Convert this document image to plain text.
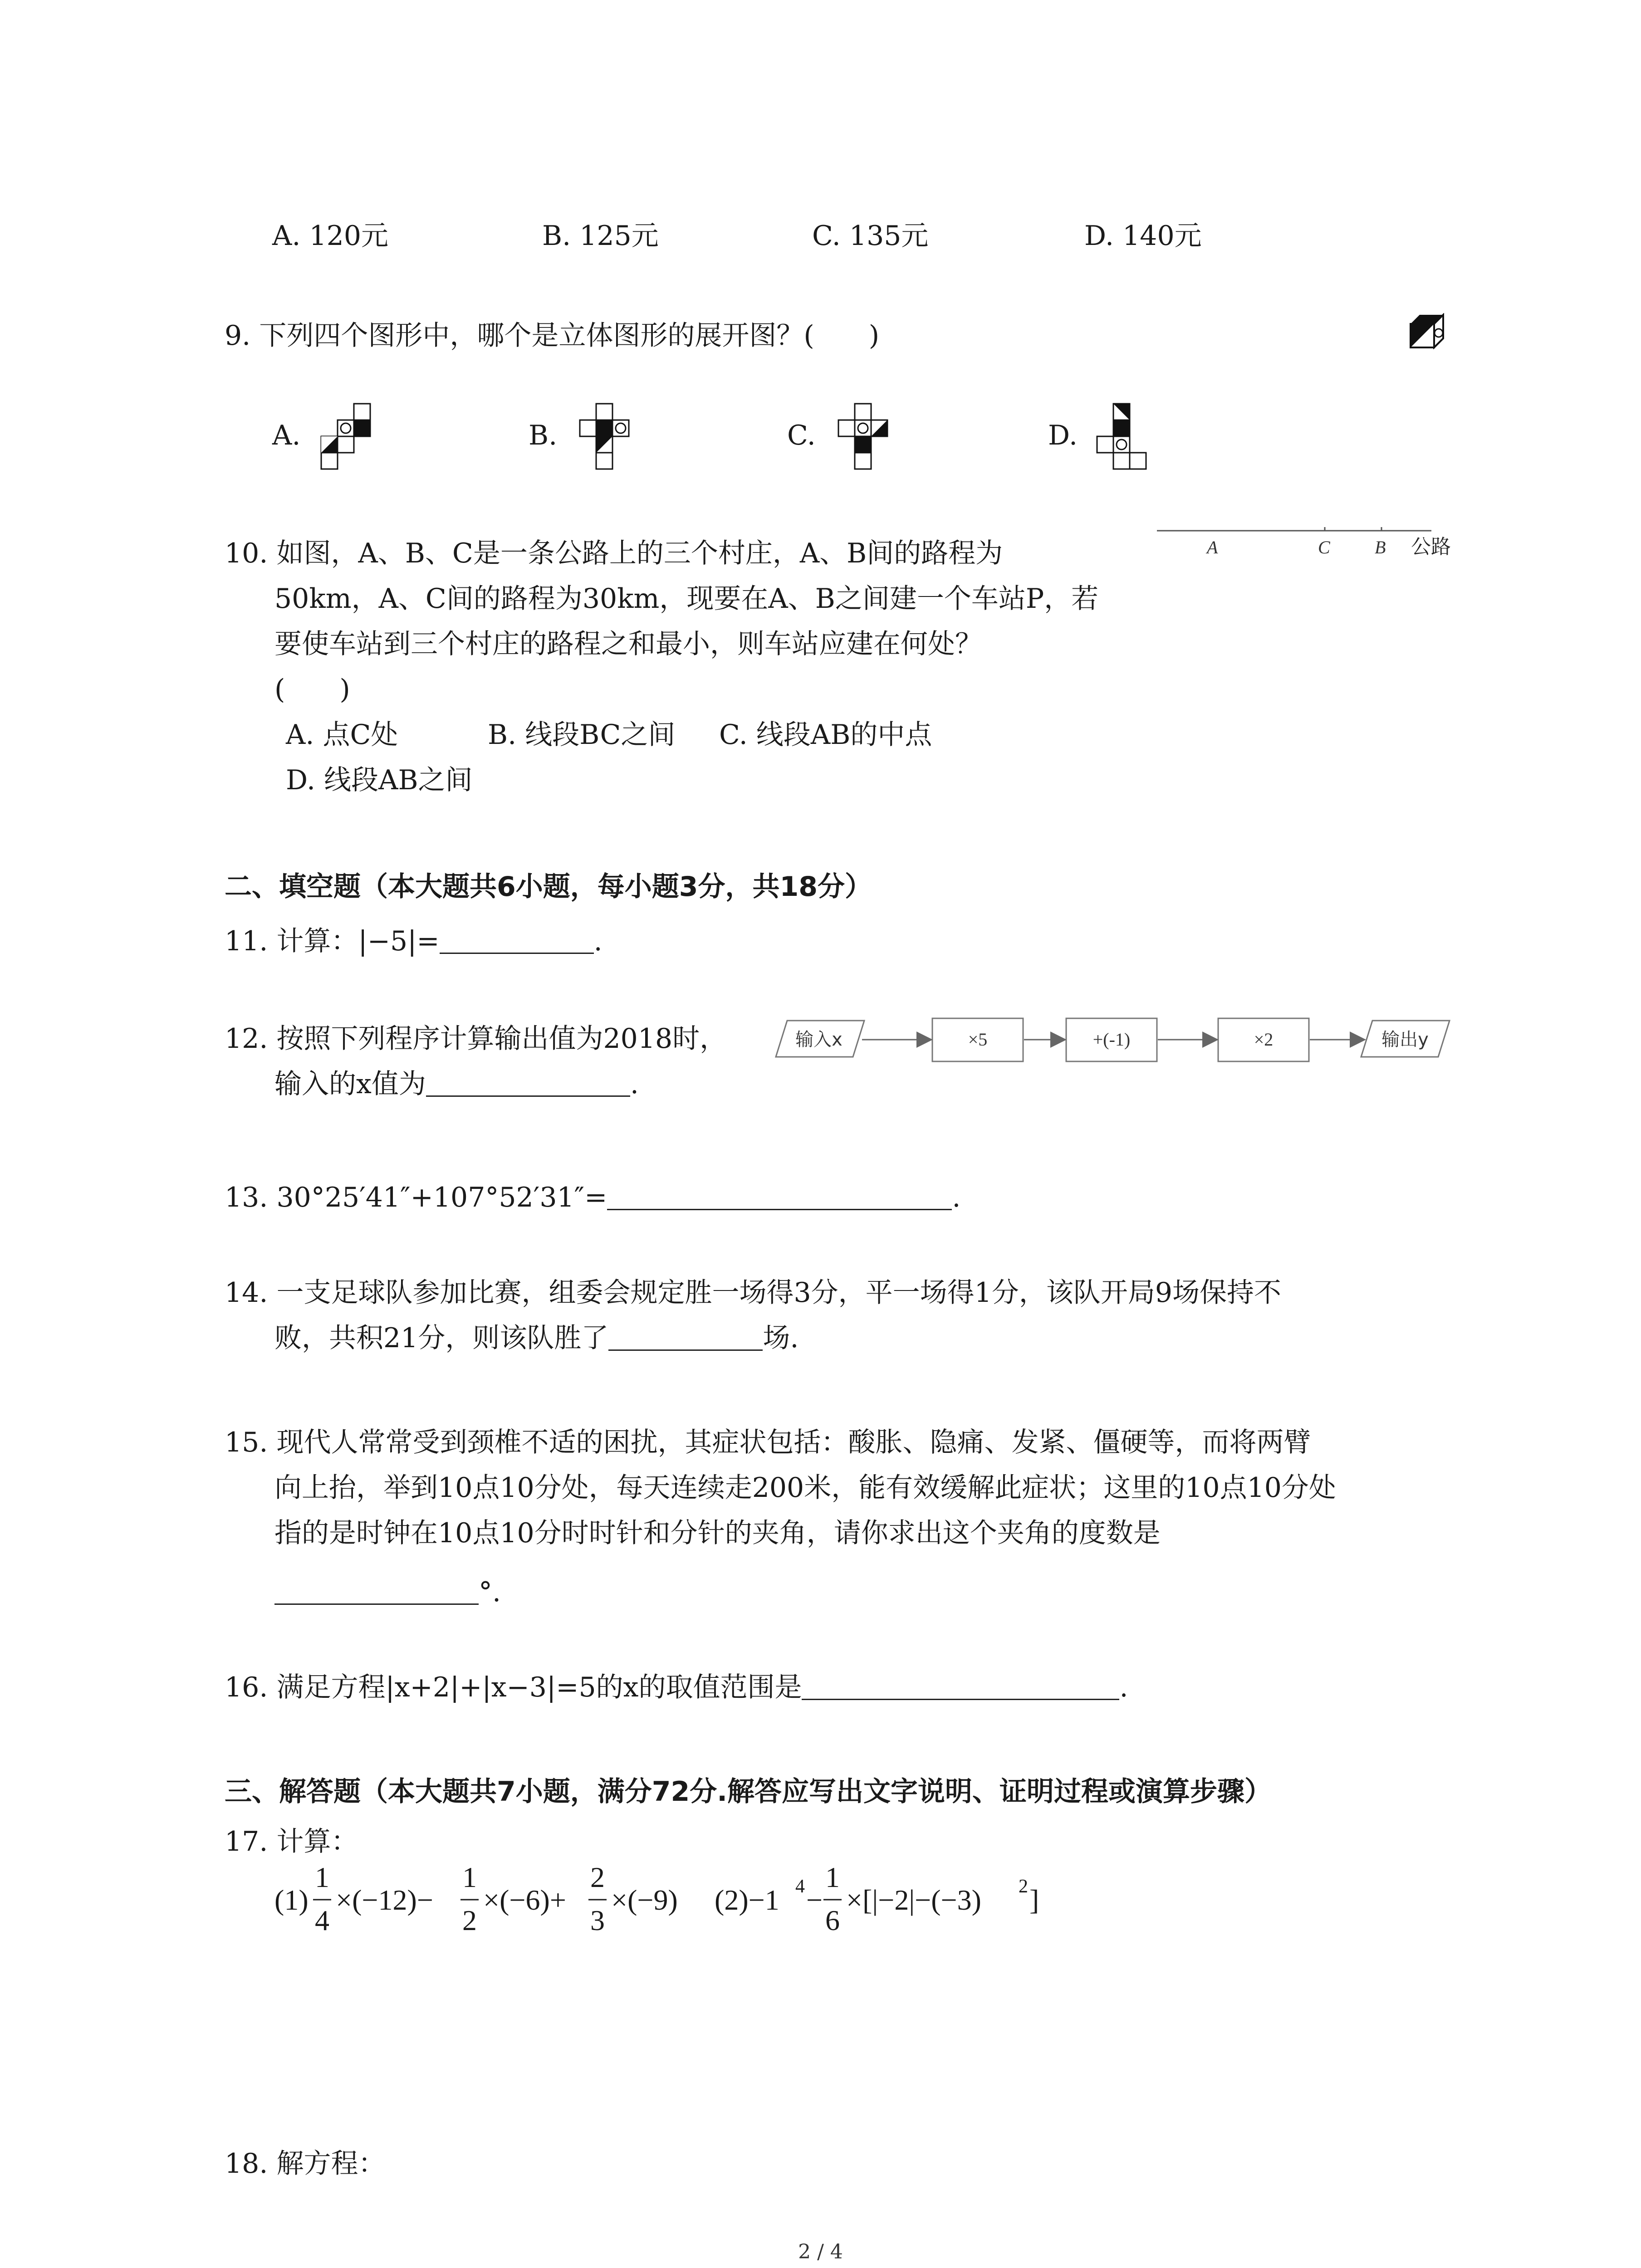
A. 120元	B. 125元	C. 135元	D. 140元
9. 下列四个图形中，哪个是立体图形的展开图？(　　)
A.	B.	C.	D.
10. 如图，A、B、C是一条公路上的三个村庄，A、B间的路程为
50km，A、C间的路程为30km，现要在A、B之间建一个车站P，若
要使车站到三个村庄的路程之和最小，则车站应建在何处？
(　　)
A. 点C处	B. 线段BC之间 C. 线段AB的中点
D. 线段AB之间
A	C B 公路
二、填空题（本大题共6小题，每小题3分，共18分）
11. 计算：|−5|=	.
12. 按照下列程序计算输出值为2018时，
输入的x值为	.
输入x	×5	+(-1)	×2	输出y
13. 30°25′41″+107°52′31″=	.
14. 一支足球队参加比赛，组委会规定胜一场得3分，平一场得1分，该队开局9场保持不
败，共积21分，则该队胜了	场.
15. 现代人常常受到颈椎不适的困扰，其症状包括：酸胀、隐痛、发紧、僵硬等，而将两臂
向上抬，举到10点10分处，每天连续走200米，能有效缓解此症状；这里的10点10分处
指的是时钟在10点10分时时针和分针的夹角，请你求出这个夹角的度数是
°.
16. 满足方程|x+2|+|x−3|=5的x的取值范围是	.
三、解答题（本大题共7小题，满分72分.解答应写出文字说明、证明过程或演算步骤）
17. 计算：
(1)
1
4
×(−12)−
1
2
×(−6)+
2
3
×(−9) (2)−1 4 −
1
6
×[|−2|−(−3) 2 ]
18. 解方程：
2 / 4
